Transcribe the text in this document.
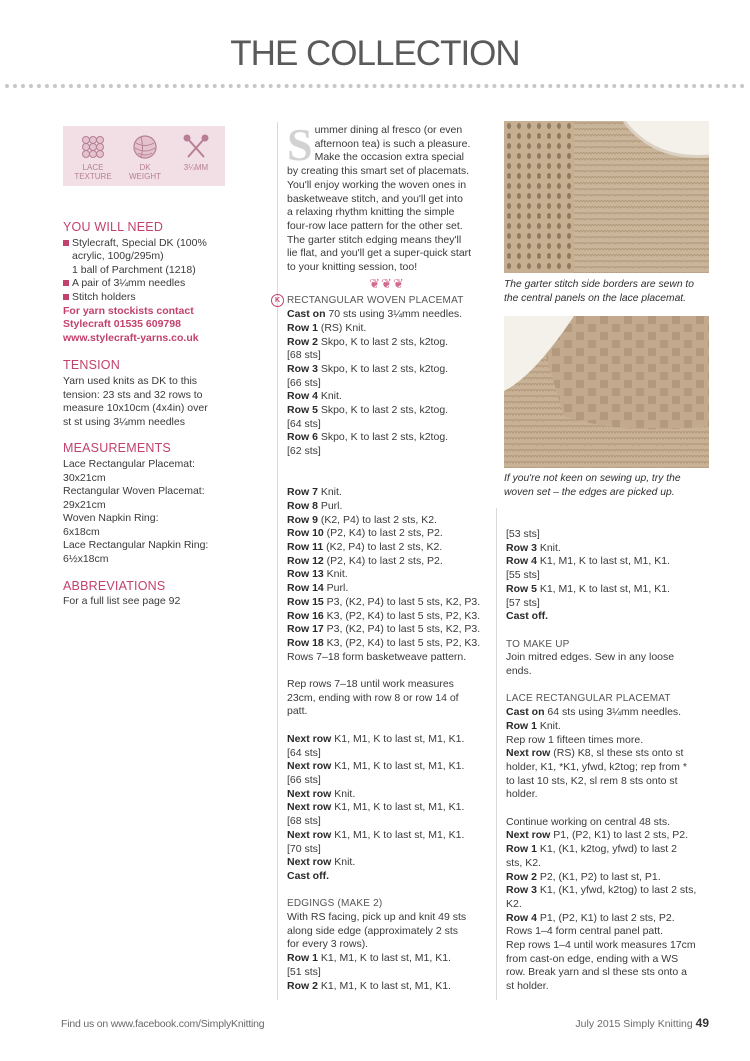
THE COLLECTION
LACE
TEXTURE
DK
WEIGHT
3¼MM
YOU WILL NEED
Stylecraft, Special DK (100%
acrylic, 100g/295m)
1 ball of Parchment (1218)
A pair of 3¼mm needles
Stitch holders
For yarn stockists contact
Stylecraft 01535 609798
www.stylecraft-yarns.co.uk
TENSION
Yarn used knits as DK to this
tension: 23 sts and 32 rows to
measure 10x10cm (4x4in) over
st st using 3¼mm needles
MEASUREMENTS
Lace Rectangular Placemat:
30x21cm
Rectangular Woven Placemat:
29x21cm
Woven Napkin Ring:
6x18cm
Lace Rectangular Napkin Ring:
6½x18cm
ABBREVIATIONS
For a full list see page 92
S ummer dining al fresco (or even
afternoon tea) is such a pleasure.
Make the occasion extra special
by creating this smart set of placemats.
You'll enjoy working the woven ones in
basketweave stitch, and you'll get into
a relaxing rhythm knitting the simple
four-row lace pattern for the other set.
The garter stitch edging means they'll
lie flat, and you'll get a super-quick start
to your knitting session, too!
❦❦❦
K RECTANGULAR WOVEN PLACEMAT
Cast on 70 sts using 3¼mm needles.
Row 1 (RS) Knit.
Row 2 Skpo, K to last 2 sts, k2tog.
[68 sts]
Row 3 Skpo, K to last 2 sts, k2tog.
[66 sts]
Row 4 Knit.
Row 5 Skpo, K to last 2 sts, k2tog.
[64 sts]
Row 6 Skpo, K to last 2 sts, k2tog.
[62 sts]
Row 7 Knit.
Row 8 Purl.
Row 9 (K2, P4) to last 2 sts, K2.
Row 10 (P2, K4) to last 2 sts, P2.
Row 11 (K2, P4) to last 2 sts, K2.
Row 12 (P2, K4) to last 2 sts, P2.
Row 13 Knit.
Row 14 Purl.
Row 15 P3, (K2, P4) to last 5 sts, K2, P3.
Row 16 K3, (P2, K4) to last 5 sts, P2, K3.
Row 17 P3, (K2, P4) to last 5 sts, K2, P3.
Row 18 K3, (P2, K4) to last 5 sts, P2, K3.
Rows 7–18 form basketweave pattern.
Rep rows 7–18 until work measures
23cm, ending with row 8 or row 14 of
patt.
Next row K1, M1, K to last st, M1, K1.
[64 sts]
Next row K1, M1, K to last st, M1, K1.
[66 sts]
Next row Knit.
Next row K1, M1, K to last st, M1, K1.
[68 sts]
Next row K1, M1, K to last st, M1, K1.
[70 sts]
Next row Knit.
Cast off.
EDGINGS (MAKE 2)
With RS facing, pick up and knit 49 sts
along side edge (approximately 2 sts
for every 3 rows).
Row 1 K1, M1, K to last st, M1, K1.
[51 sts]
Row 2 K1, M1, K to last st, M1, K1.
The garter stitch side borders are sewn to
the central panels on the lace placemat.
If you're not keen on sewing up, try the
woven set – the edges are picked up.
[53 sts]
Row 3 Knit.
Row 4 K1, M1, K to last st, M1, K1.
[55 sts]
Row 5 K1, M1, K to last st, M1, K1.
[57 sts]
Cast off.
TO MAKE UP
Join mitred edges. Sew in any loose
ends.
LACE RECTANGULAR PLACEMAT
Cast on 64 sts using 3¼mm needles.
Row 1 Knit.
Rep row 1 fifteen times more.
Next row (RS) K8, sl these sts onto st
holder, K1, *K1, yfwd, k2tog; rep from *
to last 10 sts, K2, sl rem 8 sts onto st
holder.
Continue working on central 48 sts.
Next row P1, (P2, K1) to last 2 sts, P2.
Row 1 K1, (K1, k2tog, yfwd) to last 2
sts, K2.
Row 2 P2, (K1, P2) to last st, P1.
Row 3 K1, (K1, yfwd, k2tog) to last 2 sts,
K2.
Row 4 P1, (P2, K1) to last 2 sts, P2.
Rows 1–4 form central panel patt.
Rep rows 1–4 until work measures 17cm
from cast-on edge, ending with a WS
row. Break yarn and sl these sts onto a
st holder.
Find us on www.facebook.com/SimplyKnitting	July 2015 Simply Knitting 49
